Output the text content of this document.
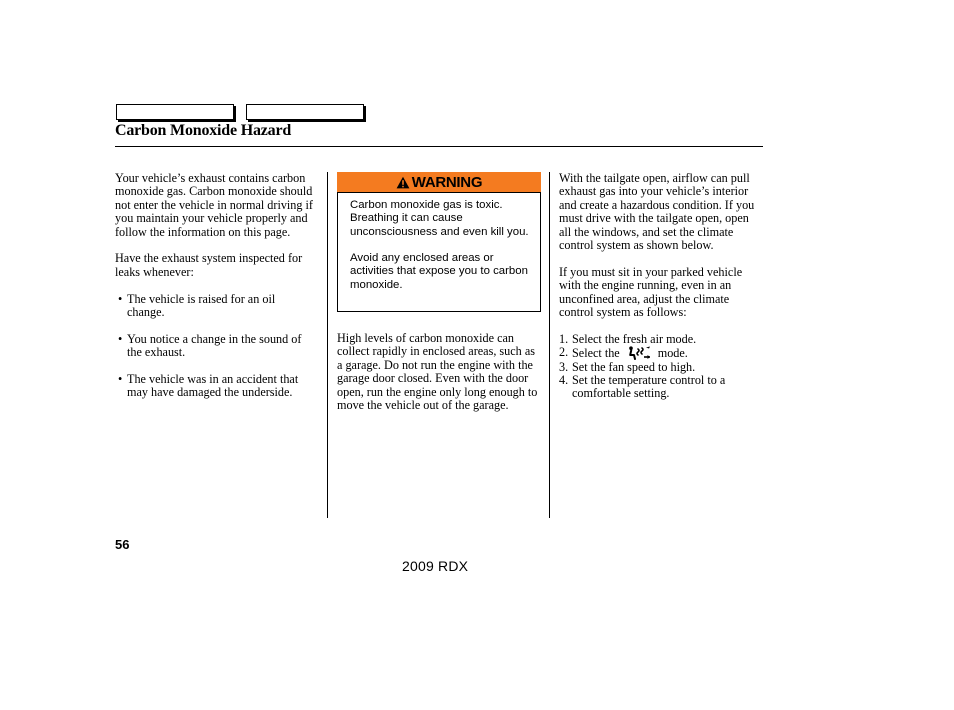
Carbon Monoxide Hazard

Your vehicle’s exhaust contains carbon monoxide gas. Carbon monoxide should not enter the vehicle in normal driving if you maintain your vehicle properly and follow the information on this page.

Have the exhaust system inspected for leaks whenever:

• The vehicle is raised for an oil change.
• You notice a change in the sound of the exhaust.
• The vehicle was in an accident that may have damaged the underside.
WARNING

Carbon monoxide gas is toxic. Breathing it can cause unconsciousness and even kill you.

Avoid any enclosed areas or activities that expose you to carbon monoxide.

High levels of carbon monoxide can collect rapidly in enclosed areas, such as a garage. Do not run the engine with the garage door closed. Even with the door open, run the engine only long enough to move the vehicle out of the garage.

With the tailgate open, airflow can pull exhaust gas into your vehicle’s interior and create a hazardous condition. If you must drive with the tailgate open, open all the windows, and set the climate control system as shown below.

If you must sit in your parked vehicle with the engine running, even in an unconfined area, adjust the climate control system as follows:

1. Select the fresh air mode.
2. Select the	mode.
3. Set the fan speed to high.
4. Set the temperature control to a comfortable setting.
56
2009 RDX
